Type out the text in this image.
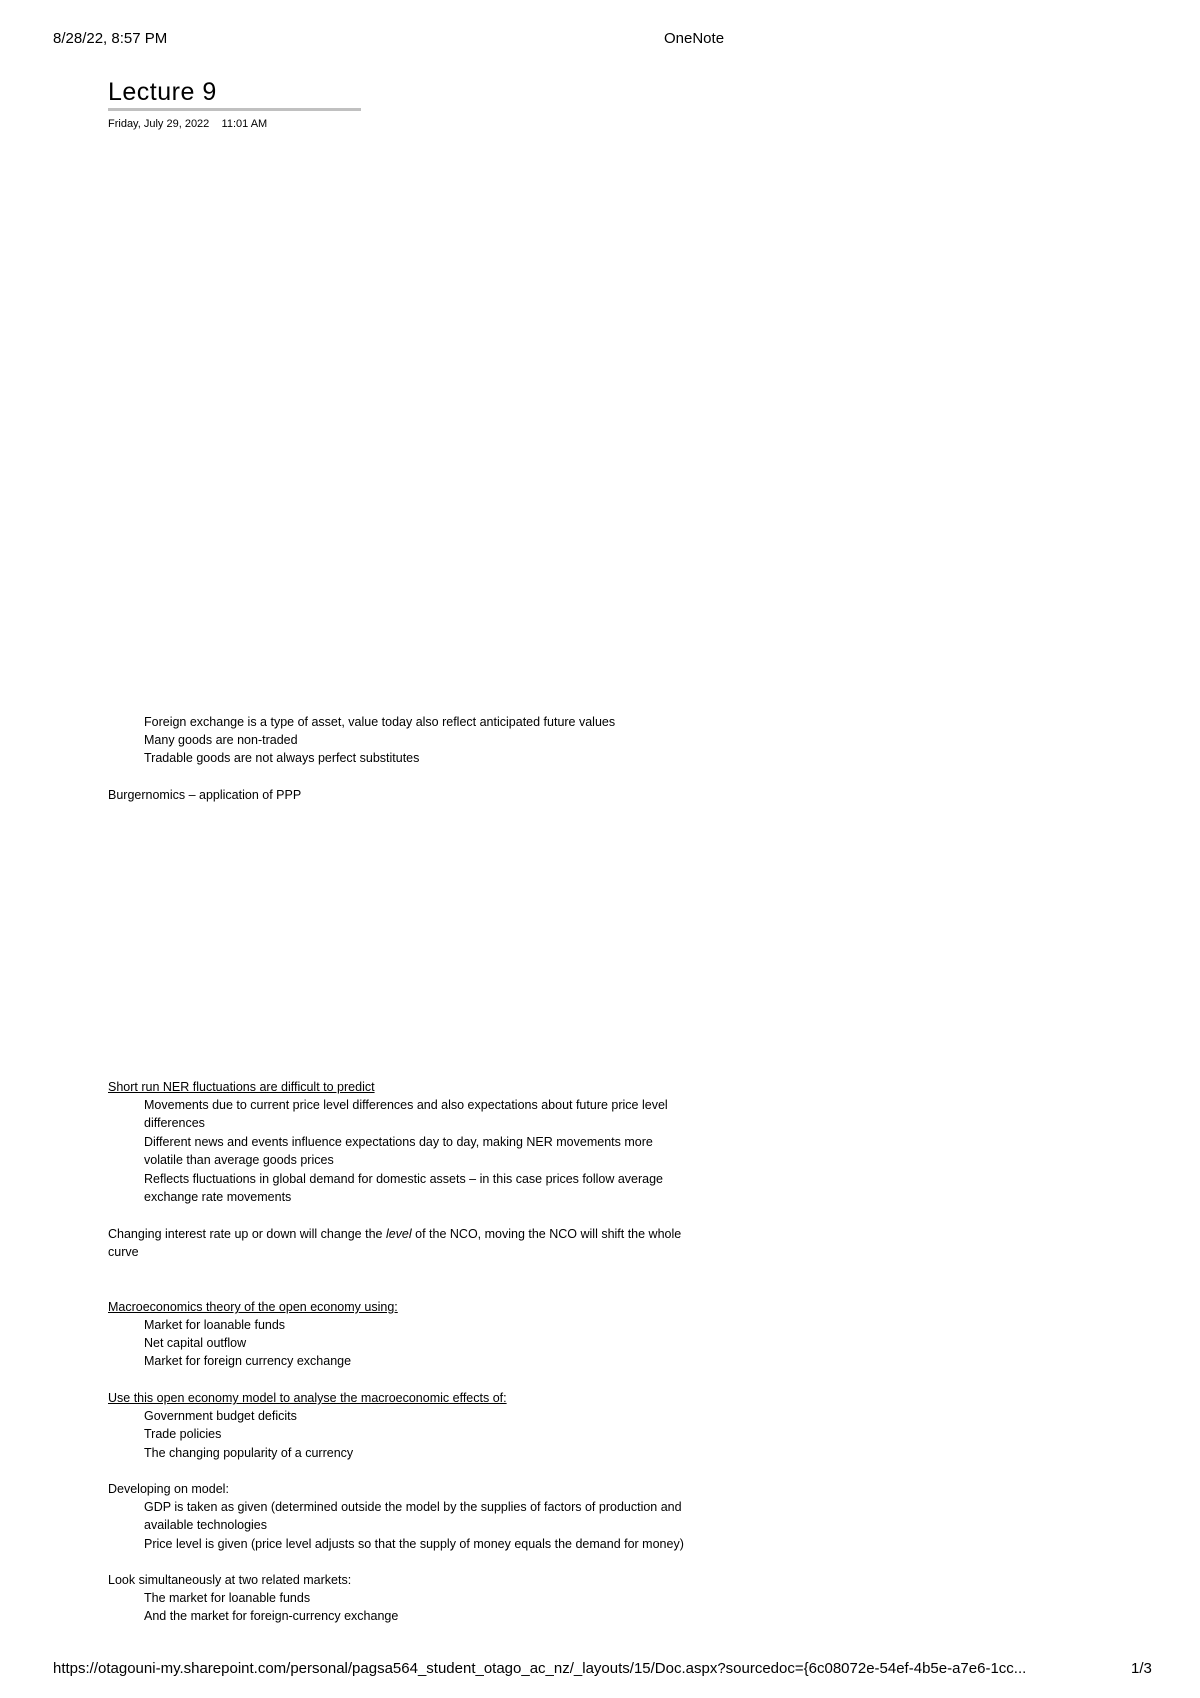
8/28/22, 8:57 PM	OneNote
Lecture 9
Friday, July 29, 2022 11:01 AM
Foreign exchange is a type of asset, value today also reflect anticipated future values
Many goods are non-traded
Tradable goods are not always perfect substitutes
Burgernomics – application of PPP
Short run NER fluctuations are difficult to predict
Movements due to current price level differences and also expectations about future price level
differences
Different news and events influence expectations day to day, making NER movements more
volatile than average goods prices
Reflects fluctuations in global demand for domestic assets – in this case prices follow average
exchange rate movements
Changing interest rate up or down will change the level of the NCO, moving the NCO will shift the whole
curve
Macroeconomics theory of the open economy using:
Market for loanable funds
Net capital outflow
Market for foreign currency exchange
Use this open economy model to analyse the macroeconomic effects of:
Government budget deficits
Trade policies
The changing popularity of a currency
Developing on model:
GDP is taken as given (determined outside the model by the supplies of factors of production and
available technologies
Price level is given (price level adjusts so that the supply of money equals the demand for money)
Look simultaneously at two related markets:
The market for loanable funds
And the market for foreign-currency exchange
https://otagouni-my.sharepoint.com/personal/pagsa564_student_otago_ac_nz/_layouts/15/Doc.aspx?sourcedoc={6c08072e-54ef-4b5e-a7e6-1cc...	1/3
